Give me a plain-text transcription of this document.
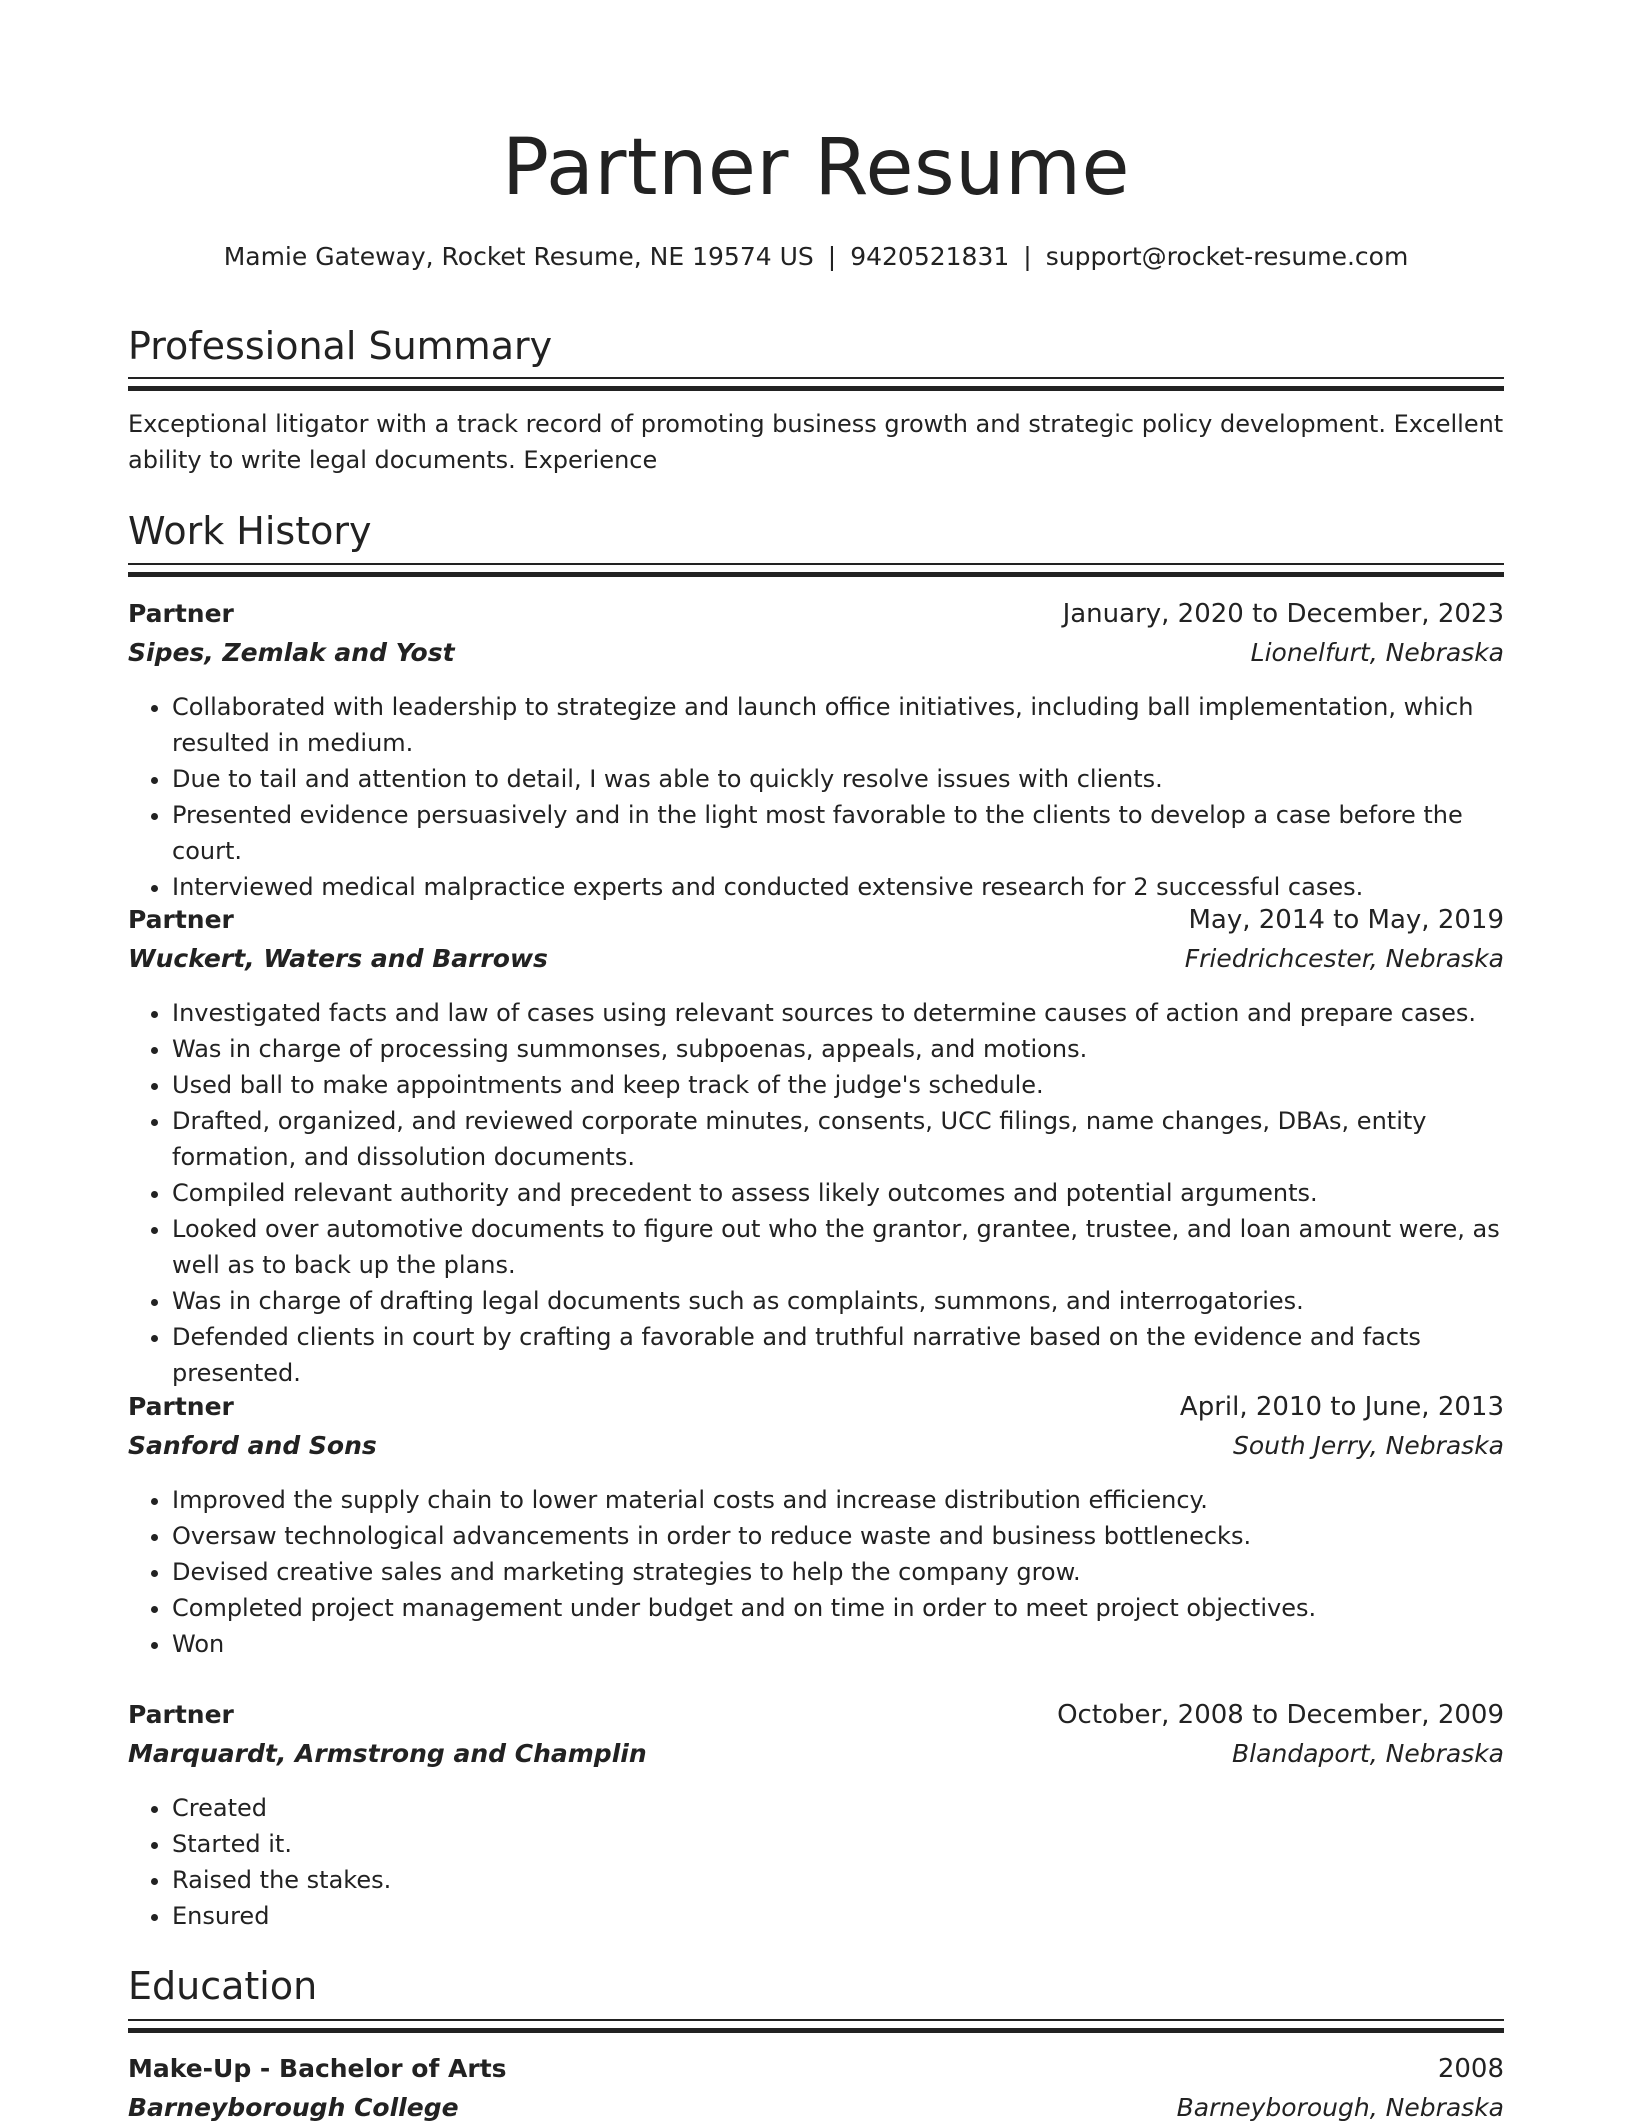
Partner Resume
Mamie Gateway, Rocket Resume, NE 19574 US | 9420521831 | support@rocket-resume.com
Professional Summary

Exceptional litigator with a track record of promoting business growth and strategic policy development. Excellent ability to write legal documents. Experience

Work History
Partner	January, 2020 to December, 2023
Sipes, Zemlak and Yost	Lionelfurt, Nebraska
• Collaborated with leadership to strategize and launch office initiatives, including ball implementation, which resulted in medium.
• Due to tail and attention to detail, I was able to quickly resolve issues with clients.
• Presented evidence persuasively and in the light most favorable to the clients to develop a case before the court.
• Interviewed medical malpractice experts and conducted extensive research for 2 successful cases.
Partner	May, 2014 to May, 2019
Wuckert, Waters and Barrows	Friedrichcester, Nebraska
• Investigated facts and law of cases using relevant sources to determine causes of action and prepare cases.
• Was in charge of processing summonses, subpoenas, appeals, and motions.
• Used ball to make appointments and keep track of the judge's schedule.
• Drafted, organized, and reviewed corporate minutes, consents, UCC filings, name changes, DBAs, entity formation, and dissolution documents.
• Compiled relevant authority and precedent to assess likely outcomes and potential arguments.
• Looked over automotive documents to figure out who the grantor, grantee, trustee, and loan amount were, as well as to back up the plans.
• Was in charge of drafting legal documents such as complaints, summons, and interrogatories.
• Defended clients in court by crafting a favorable and truthful narrative based on the evidence and facts presented.
Partner	April, 2010 to June, 2013
Sanford and Sons	South Jerry, Nebraska
• Improved the supply chain to lower material costs and increase distribution efficiency.
• Oversaw technological advancements in order to reduce waste and business bottlenecks.
• Devised creative sales and marketing strategies to help the company grow.
• Completed project management under budget and on time in order to meet project objectives.
• Won
Partner	October, 2008 to December, 2009
Marquardt, Armstrong and Champlin	Blandaport, Nebraska
• Created
• Started it.
• Raised the stakes.
• Ensured
Education
Make-Up - Bachelor of Arts	2008
Barneyborough College	Barneyborough, Nebraska
